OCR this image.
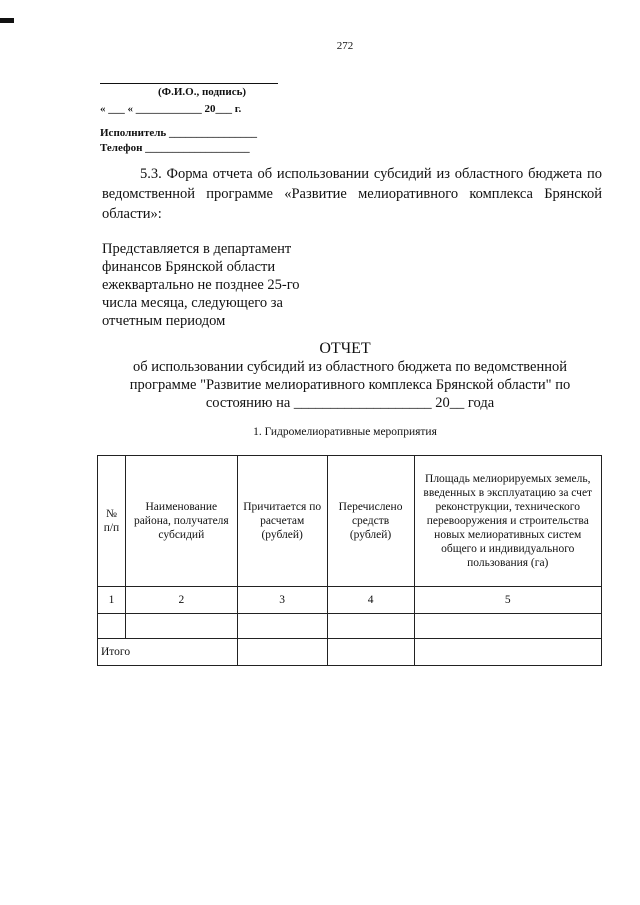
272
(Ф.И.О., подпись)
« ___ « ____________ 20___ г.
Исполнитель ________________
Телефон ___________________
5.3. Форма отчета об использовании субсидий из областного бюджета по ведомственной программе «Развитие мелиоративного комплекса Брянской области»:
Представляется в департамент финансов Брянской области ежеквартально не позднее 25-го числа месяца, следующего за отчетным периодом
ОТЧЕТ
об использовании субсидий из областного бюджета по ведомственной программе "Развитие мелиоративного комплекса Брянской области" по состоянию на ___________________ 20__ года
1. Гидромелиоративные мероприятия
№ п/п	Наименование района, получателя субсидий	Причитается по расчетам (рублей)	Перечислено средств (рублей)	Площадь мелиорируемых земель, введенных в эксплуатацию за счет реконструкции, технического перевооружения и строительства новых мелиоративных систем общего и индивидуального пользования (га)
1	2	3	4	5

Итого				
